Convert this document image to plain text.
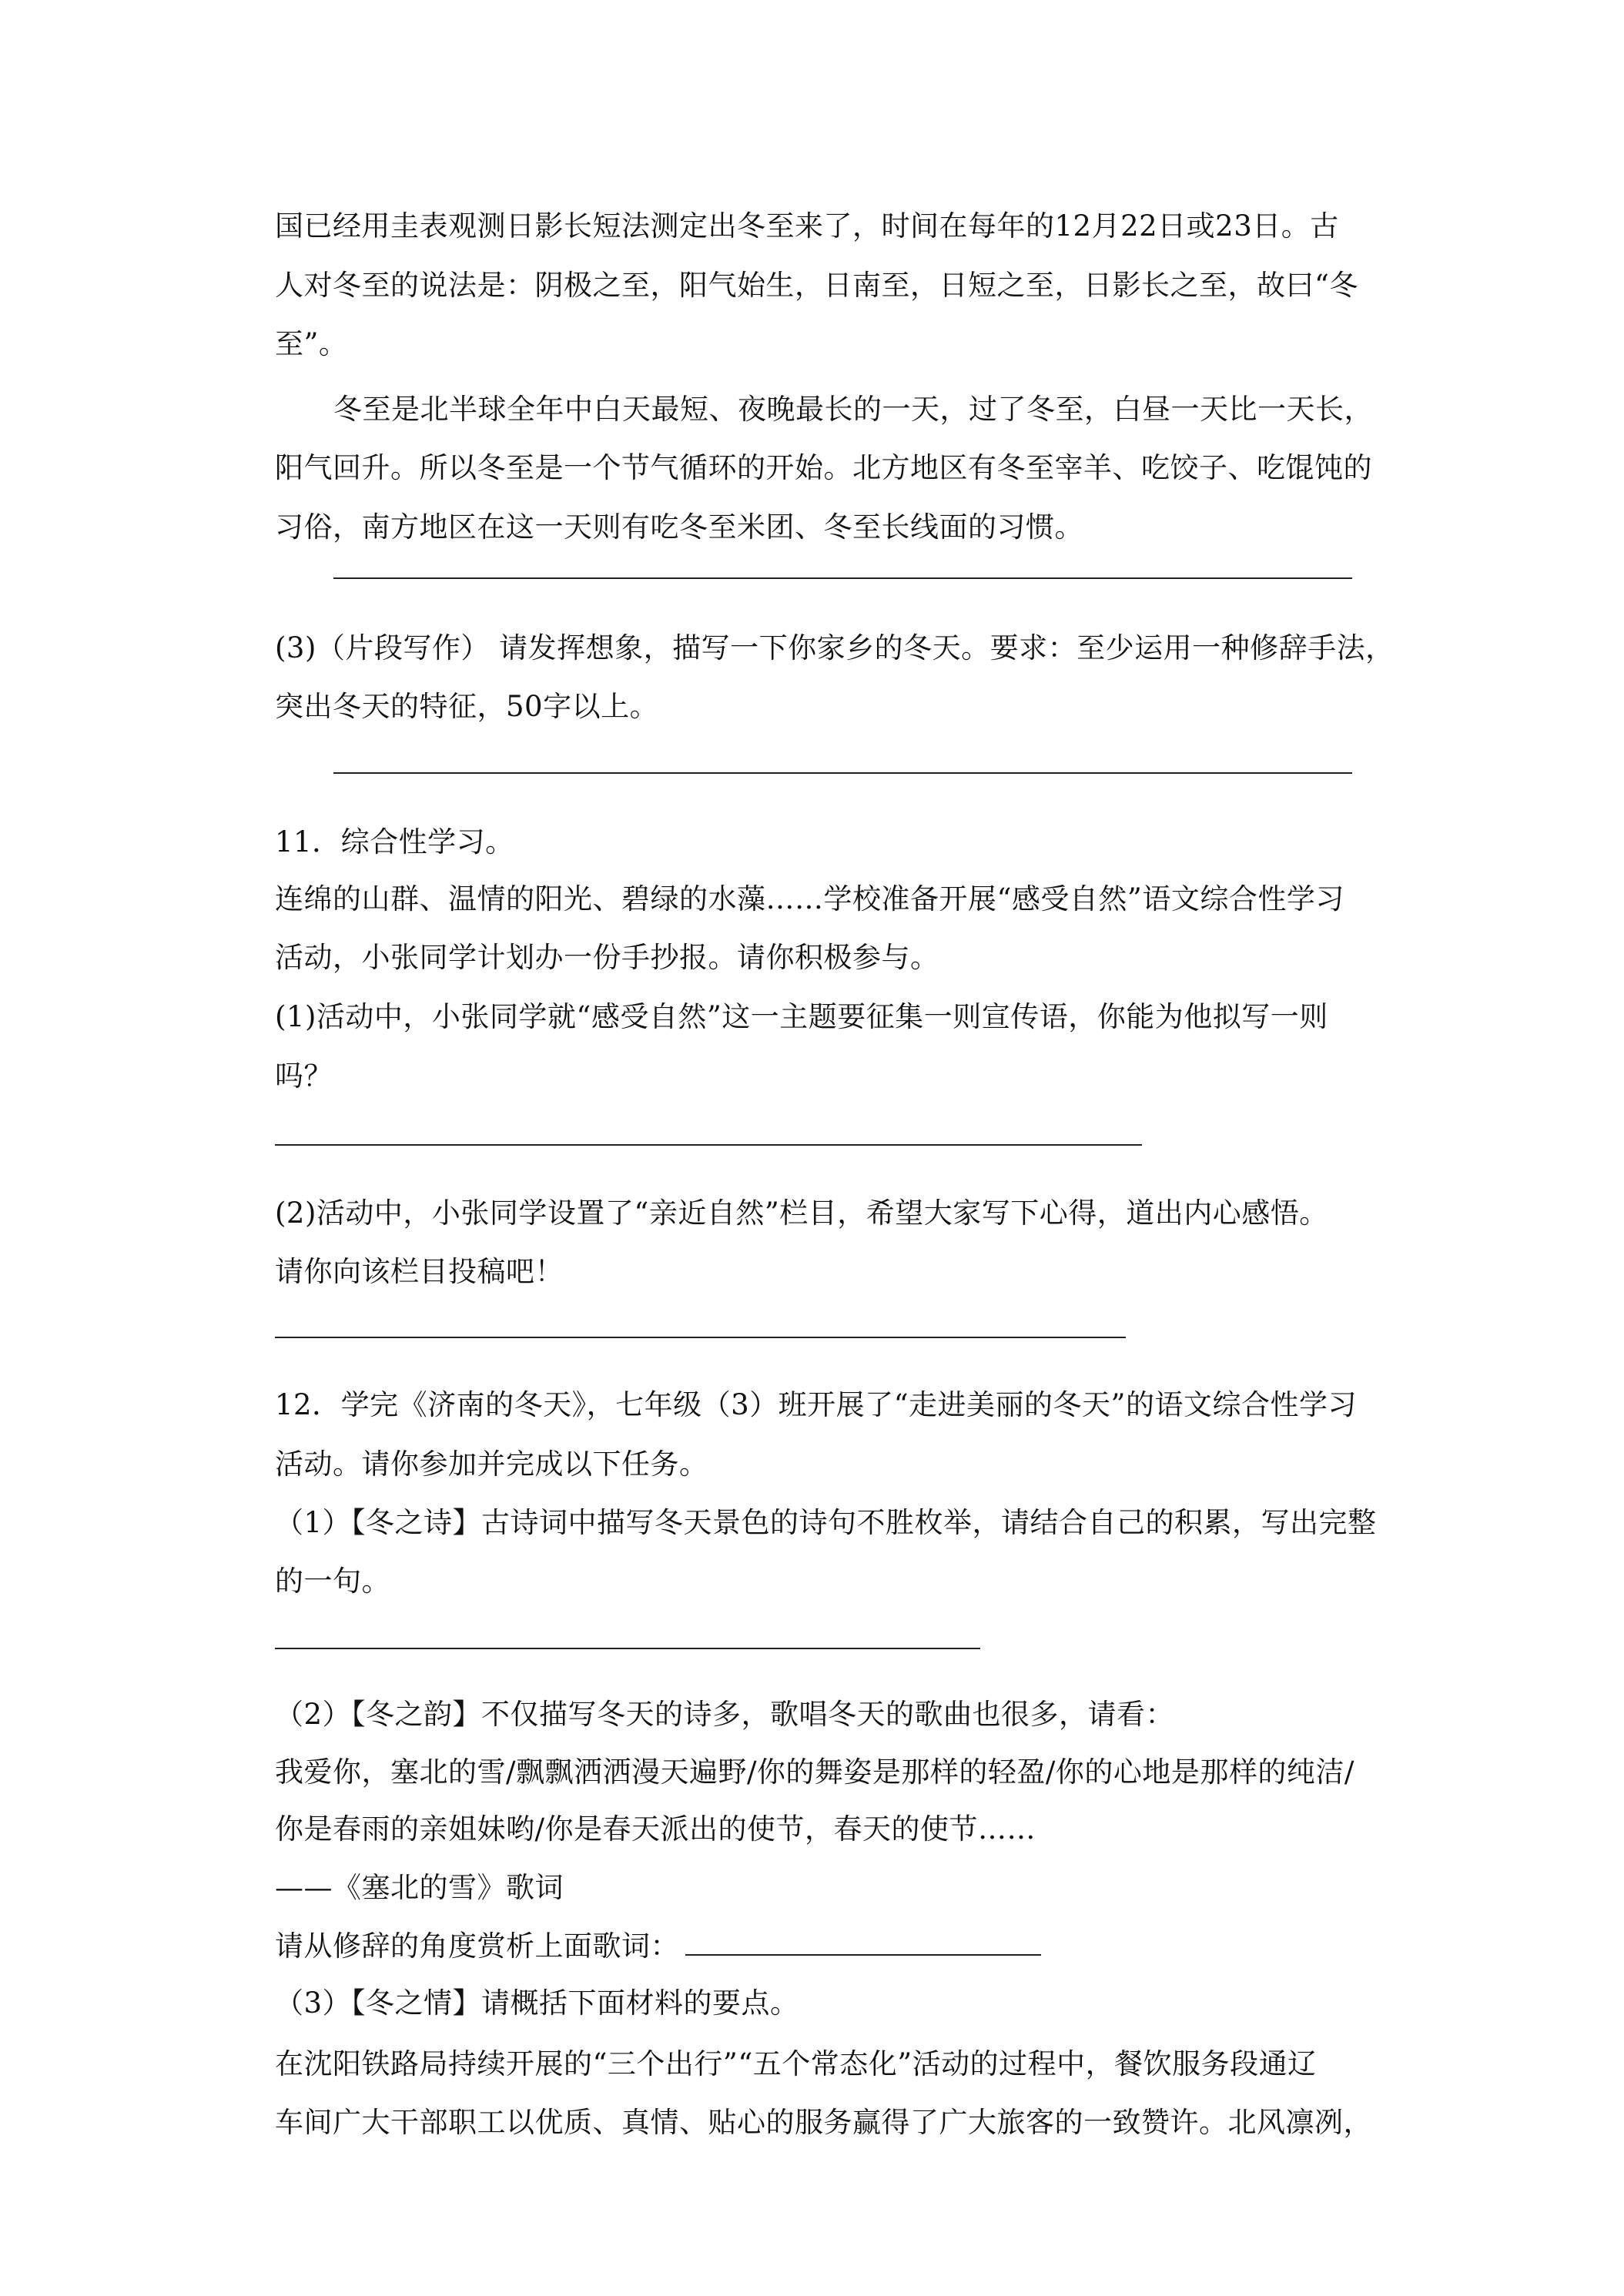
国已经用圭表观测日影长短法测定出冬至来了，时间在每年的12月22日或23日。古
人对冬至的说法是：阴极之至，阳气始生，日南至，日短之至，日影长之至，故曰“冬
至”。
冬至是北半球全年中白天最短、夜晚最长的一天，过了冬至，白昼一天比一天长，
阳气回升。所以冬至是一个节气循环的开始。北方地区有冬至宰羊、吃饺子、吃馄饨的
习俗，南方地区在这一天则有吃冬至米团、冬至长线面的习惯。
(3)（片段写作） 请发挥想象，描写一下你家乡的冬天。要求：至少运用一种修辞手法，
突出冬天的特征，50字以上。
11．综合性学习。
连绵的山群、温情的阳光、碧绿的水藻……学校准备开展“感受自然”语文综合性学习
活动，小张同学计划办一份手抄报。请你积极参与。
(1)活动中，小张同学就“感受自然”这一主题要征集一则宣传语，你能为他拟写一则
吗？
(2)活动中，小张同学设置了“亲近自然”栏目，希望大家写下心得，道出内心感悟。
请你向该栏目投稿吧！
12．学完《济南的冬天》，七年级（3）班开展了“走进美丽的冬天”的语文综合性学习
活动。请你参加并完成以下任务。
（1）【冬之诗】古诗词中描写冬天景色的诗句不胜枚举，请结合自己的积累，写出完整
的一句。
（2）【冬之韵】不仅描写冬天的诗多，歌唱冬天的歌曲也很多，请看：
我爱你，塞北的雪/飘飘洒洒漫天遍野/你的舞姿是那样的轻盈/你的心地是那样的纯洁/
你是春雨的亲姐妹哟/你是春天派出的使节，春天的使节……
——《塞北的雪》歌词
请从修辞的角度赏析上面歌词：
（3）【冬之情】请概括下面材料的要点。
在沈阳铁路局持续开展的“三个出行”“五个常态化”活动的过程中，餐饮服务段通辽
车间广大干部职工以优质、真情、贴心的服务赢得了广大旅客的一致赞许。北风凛冽，
